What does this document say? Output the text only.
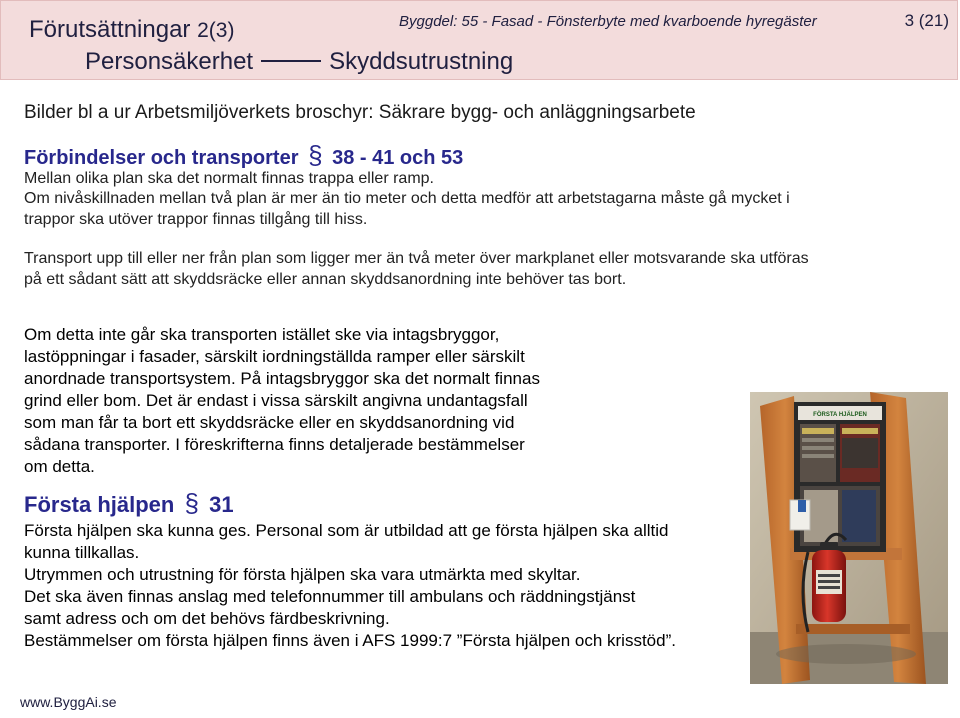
Förutsättningar 2(3)
Personsäkerhet	Skyddsutrustning
Byggdel: 55 - Fasad - Fönsterbyte med kvarboende hyregäster	3 (21)
Bilder bl a ur Arbetsmiljöverkets broschyr: Säkrare bygg- och anläggningsarbete
Förbindelser och transporter § 38 - 41 och 53
Mellan olika plan ska det normalt finnas trappa eller ramp.
Om nivåskillnaden mellan två plan är mer än tio meter och detta medför att arbetstagarna måste gå mycket i trappor ska utöver trappor finnas tillgång till hiss.
Transport upp till eller ner från plan som ligger mer än två meter över markplanet eller motsvarande ska utföras på ett sådant sätt att skyddsräcke eller annan skyddsanordning inte behöver tas bort.
Om detta inte går ska transporten istället ske via intagsbryggor, lastöppningar i fasader, särskilt iordningställda ramper eller särskilt anordnade transportsystem. På intagsbryggor ska det normalt finnas grind eller bom. Det är endast i vissa särskilt angivna undantagsfall som man får ta bort ett skyddsräcke eller en skyddsanordning vid sådana transporter. I föreskrifterna finns detaljerade bestämmelser om detta.
Första hjälpen § 31
Första hjälpen ska kunna ges. Personal som är utbildad att ge första hjälpen ska alltid
kunna tillkallas.
Utrymmen och utrustning för första hjälpen ska vara utmärkta med skyltar.
Det ska även finnas anslag med telefonnummer till ambulans och räddningstjänst
samt adress och om det behövs färdbeskrivning.
Bestämmelser om första hjälpen finns även i AFS 1999:7 ”Första hjälpen och krisstöd”.
FÖRSTA HJÄLPEN
www.ByggAi.se
